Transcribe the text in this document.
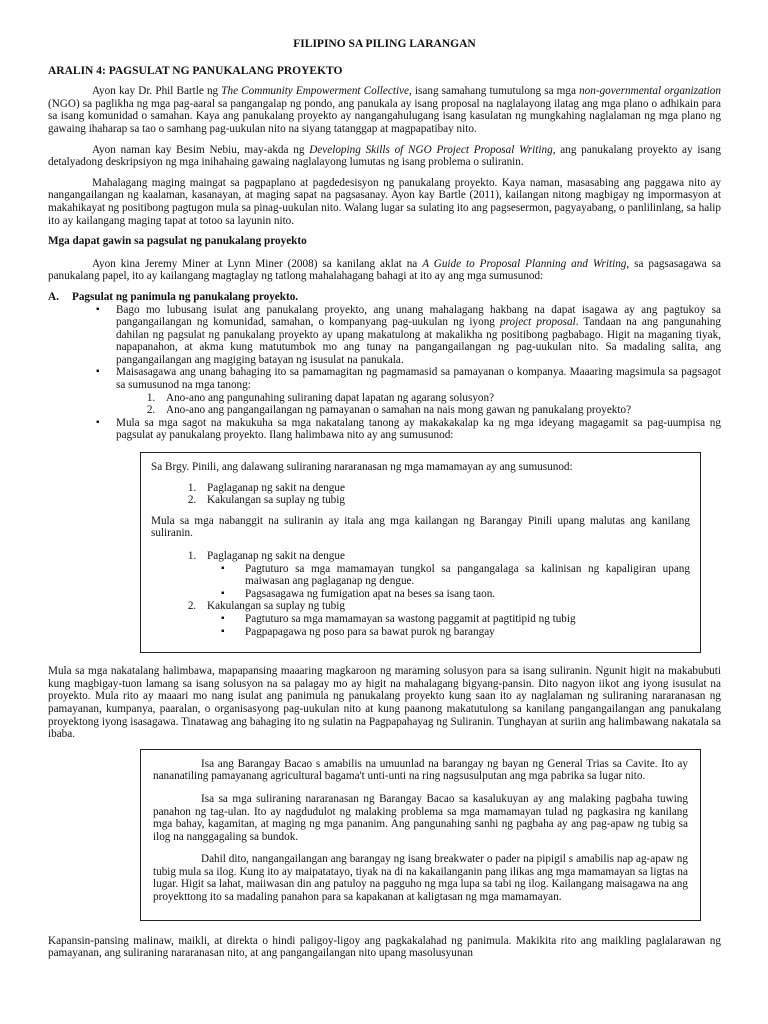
FILIPINO SA PILING LARANGAN
ARALIN 4: PAGSULAT NG PANUKALANG PROYEKTO

Ayon kay Dr. Phil Bartle ng The Community Empowerment Collective, isang samahang tumutulong sa mga non-governmental organization (NGO) sa paglikha ng mga pag-aaral sa pangangalap ng pondo, ang panukala ay isang proposal na naglalayong ilatag ang mga plano o adhikain para sa isang komunidad o samahan. Kaya ang panukalang proyekto ay nangangahulugang isang kasulatan ng mungkahing naglalaman ng mga plano ng gawaing ihaharap sa tao o samhang pag-uukulan nito na siyang tatanggap at magpapatibay nito.

Ayon naman kay Besim Nebiu, may-akda ng Developing Skills of NGO Project Proposal Writing, ang panukalang proyekto ay isang detalyadong deskripsiyon ng mga inihahaing gawaing naglalayong lumutas ng isang problema o suliranin.

Mahalagang maging maingat sa pagpaplano at pagdedesisyon ng panukalang proyekto. Kaya naman, masasabing ang paggawa nito ay nangangailangan ng kaalaman, kasanayan, at maging sapat na pagsasanay. Ayon kay Bartle (2011), kailangan nitong magbigay ng impormasyon at makahikayat ng positibong pagtugon mula sa pinag-uukulan nito. Walang lugar sa sulating ito ang pagsesermon, pagyayabang, o panlilinlang, sa halip ito ay kailangang maging tapat at totoo sa layunin nito.

Mga dapat gawin sa pagsulat ng panukalang proyekto

Ayon kina Jeremy Miner at Lynn Miner (2008) sa kanilang aklat na A Guide to Proposal Planning and Writing, sa pagsasagawa sa panukalang papel, ito ay kailangang magtaglay ng tatlong mahalahagang bahagi at ito ay ang mga sumusunod:

A. Pagsulat ng panimula ng panukalang proyekto.
▪ Bago mo lubusang isulat ang panukalang proyekto, ang unang mahalagang hakbang na dapat isagawa ay ang pagtukoy sa pangangailangan ng komunidad, samahan, o kompanyang pag-uukulan ng iyong project proposal. Tandaan na ang pangunahing dahilan ng pagsulat ng panukalang proyekto ay upang makatulong at makalikha ng positibong pagbabago. Higit na maganing tiyak, napapanahon, at akma kung matutumbok mo ang tunay na pangangailangan ng pag-uukulan nito. Sa madaling salita, ang pangangailangan ang magiging batayan ng isusulat na panukala.
▪ Maisasagawa ang unang bahaging ito sa pamamagitan ng pagmamasid sa pamayanan o kompanya. Maaaring magsimula sa pagsagot sa sumusunod na mga tanong:
1. Ano-ano ang pangunahing suliraning dapat lapatan ng agarang solusyon?
2. Ano-ano ang pangangailangan ng pamayanan o samahan na nais mong gawan ng panukalang proyekto?
▪ Mula sa mga sagot na makukuha sa mga nakatalang tanong ay makakakalap ka ng mga ideyang magagamit sa pag-uumpisa ng pagsulat ay panukalang proyekto. Ilang halimbawa nito ay ang sumusunod:

Sa Brgy. Pinili, ang dalawang suliraning nararanasan ng mga mamamayan ay ang sumusunod:

1. Paglaganap ng sakit na dengue
2. Kakulangan sa suplay ng tubig

Mula sa mga nabanggit na suliranin ay itala ang mga kailangan ng Barangay Pinili upang malutas ang kanilang suliranin.

1. Paglaganap ng sakit na dengue
▪ Pagtuturo sa mga mamamayan tungkol sa pangangalaga sa kalinisan ng kapaligiran upang maiwasan ang paglaganap ng dengue.
▪ Pagsasagawa ng fumigation apat na beses sa isang taon.
2. Kakulangan sa suplay ng tubig
▪ Pagtuturo sa mga mamamayan sa wastong paggamit at pagtitipid ng tubig
▪ Pagpapagawa ng poso para sa bawat purok ng barangay

Mula sa mga nakatalang halimbawa, mapapansing maaaring magkaroon ng maraming solusyon para sa isang suliranin. Ngunit higit na makabubuti kung magbigay-tuon lamang sa isang solusyon na sa palagay mo ay higit na mahalagang bigyang-pansin. Dito nagyon iikot ang iyong isusulat na proyekto. Mula rito ay maaari mo nang isulat ang panimula ng panukalang proyekto kung saan ito ay naglalaman ng suliraning nararanasan ng pamayanan, kumpanya, paaralan, o organisasyong pag-uukulan nito at kung paanong makatutulong sa kanilang pangangailangan ang panukalang proyektong iyong isasagawa. Tinatawag ang bahaging ito ng sulatin na Pagpapahayag ng Suliranin. Tunghayan at suriin ang halimbawang nakatala sa ibaba.

Isa ang Barangay Bacao s amabilis na umuunlad na barangay ng bayan ng General Trias sa Cavite. Ito ay nananatiling pamayanang agricultural bagama't unti-unti na ring nagsusulputan ang mga pabrika sa lugar nito.

Isa sa mga suliraning nararanasan ng Barangay Bacao sa kasalukuyan ay ang malaking pagbaha tuwing panahon ng tag-ulan. Ito ay nagdudulot ng malaking problema sa mga mamamayan tulad ng pagkasira ng kanilang mga bahay, kagamitan, at maging ng mga pananim. Ang pangunahing sanhi ng pagbaha ay ang pag-apaw ng tubig sa ilog na nanggagaling sa bundok.

Dahil dito, nangangailangan ang barangay ng isang breakwater o pader na pipigil s amabilis nap ag-apaw ng tubig mula sa ilog. Kung ito ay maipatatayo, tiyak na di na kakailanganin pang ilikas ang mga mamamayan sa ligtas na lugar. Higit sa lahat, maiiwasan din ang patuloy na pagguho ng mga lupa sa tabi ng ilog. Kailangang maisagawa na ang proyekttong ito sa madaling panahon para sa kapakanan at kaligtasan ng mga mamamayan.

Kapansin-pansing malinaw, maikli, at direkta o hindi paligoy-ligoy ang pagkakalahad ng panimula. Makikita rito ang maikling paglalarawan ng pamayanan, ang suliraning nararanasan nito, at ang pangangailangan nito upang masolusyunan
